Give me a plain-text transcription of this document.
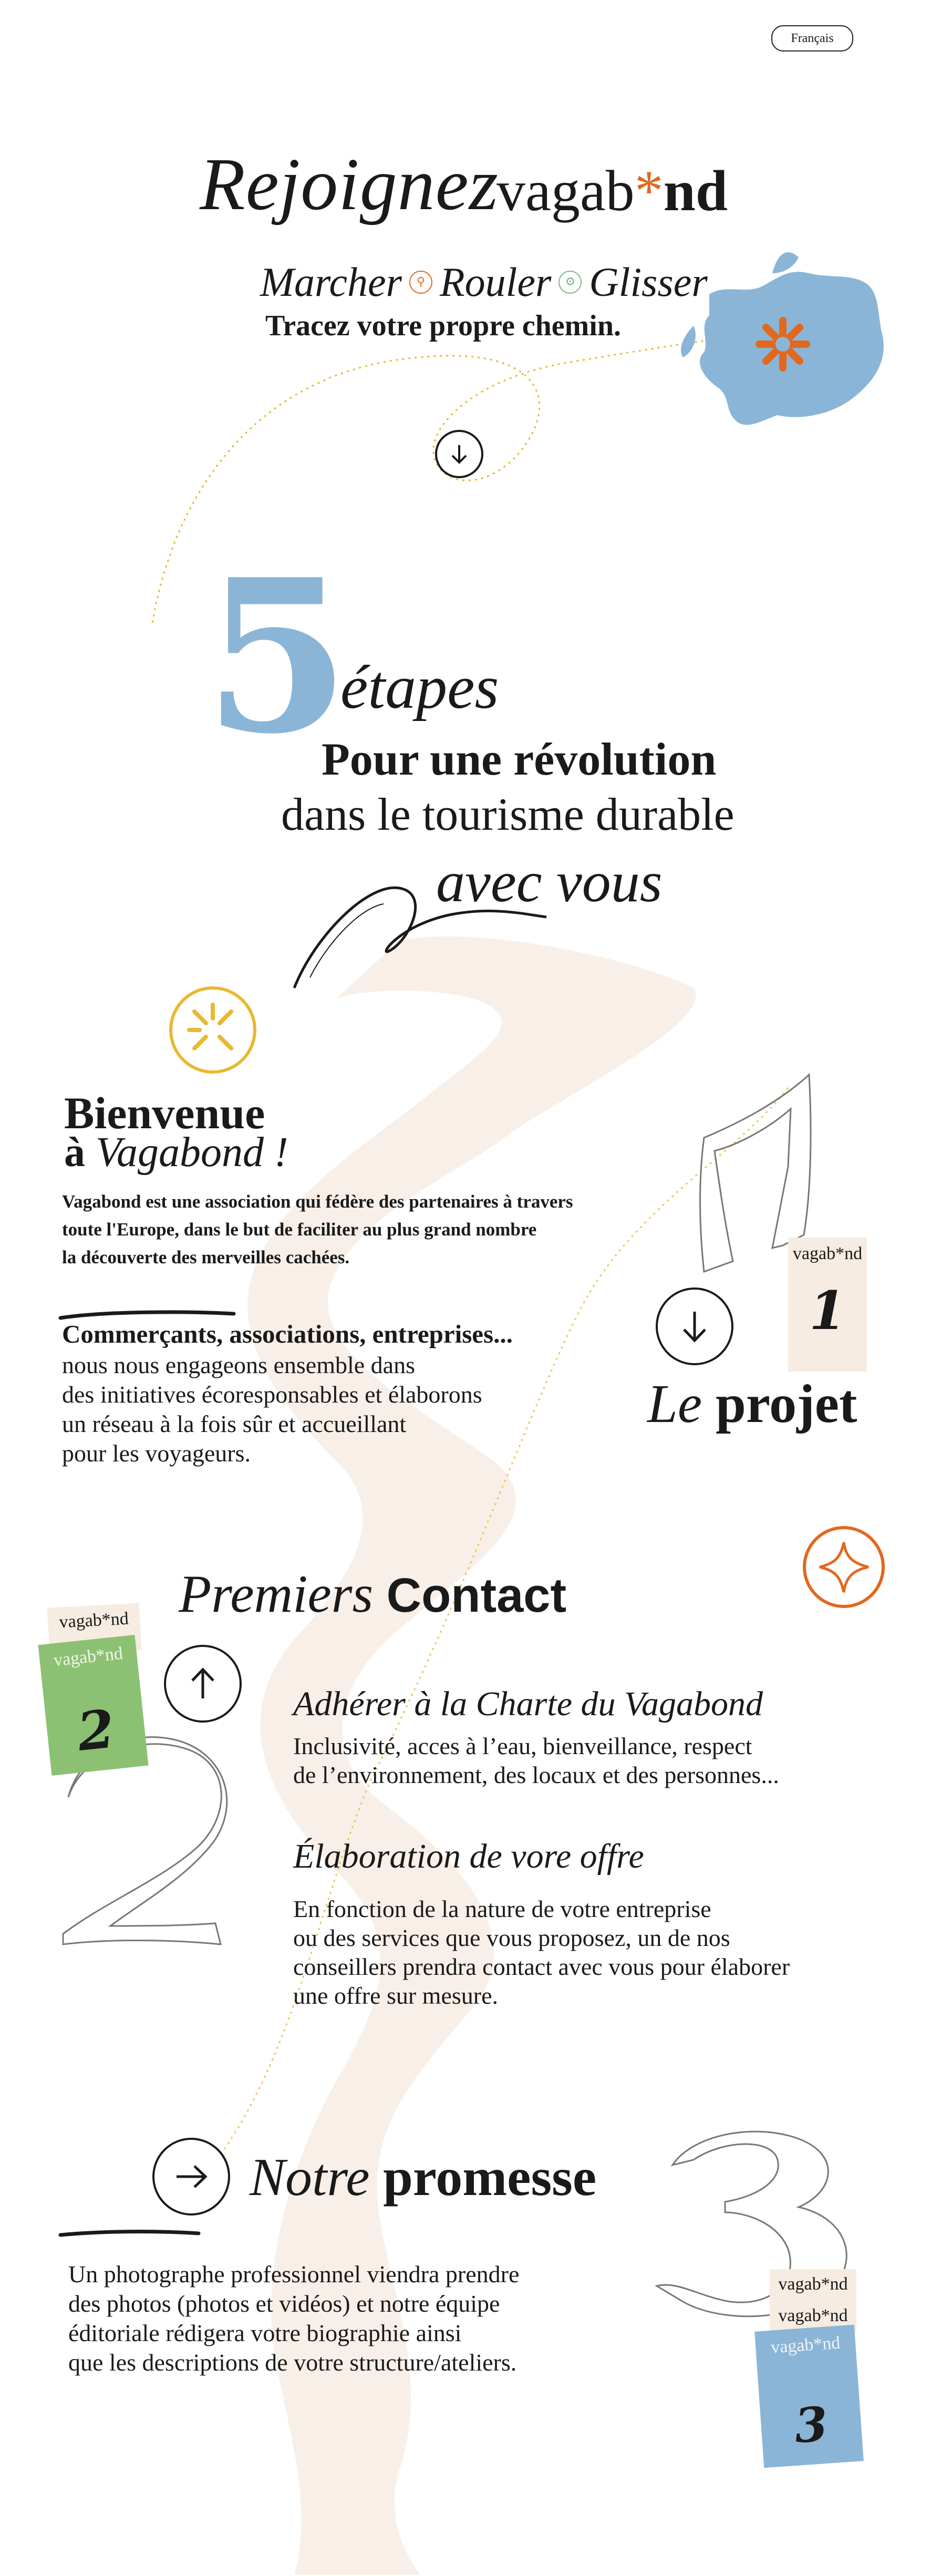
Français
Rejoignez
vagab*nd
Marcher	⚲ Rouler	⚙ Glisser
Tracez votre propre chemin.
5
étapes
Pour une révolution
dans le tourisme durable
avec vous
Bienvenue
à Vagabond !
Vagabond est une association qui fédère des partenaires à travers
toute l'Europe, dans le but de faciliter au plus grand nombre
la découverte des merveilles cachées.
Commerçants, associations, entreprises...
nous nous engageons ensemble dans
des initiatives écoresponsables et élaborons
un réseau à la fois sûr et accueillant
pour les voyageurs.
vagab*nd
1
Le projet
Premiers Contact
vagab*nd
vagab*nd
2	Adhérer à la Charte du Vagabond
Inclusivité, acces à l’eau, bienveillance, respect
de l’environnement, des locaux et des personnes...
Élaboration de vore offre
En fonction de la nature de votre entreprise
ou des services que vous proposez, un de nos
conseillers prendra contact avec vous pour élaborer
une offre sur mesure.
Notre promesse
Un photographe professionnel viendra prendre
des photos (photos et vidéos) et notre équipe
éditoriale rédigera votre biographie ainsi
que les descriptions de votre structure/ateliers.
vagab*nd
vagab*nd
vagab*nd
3
